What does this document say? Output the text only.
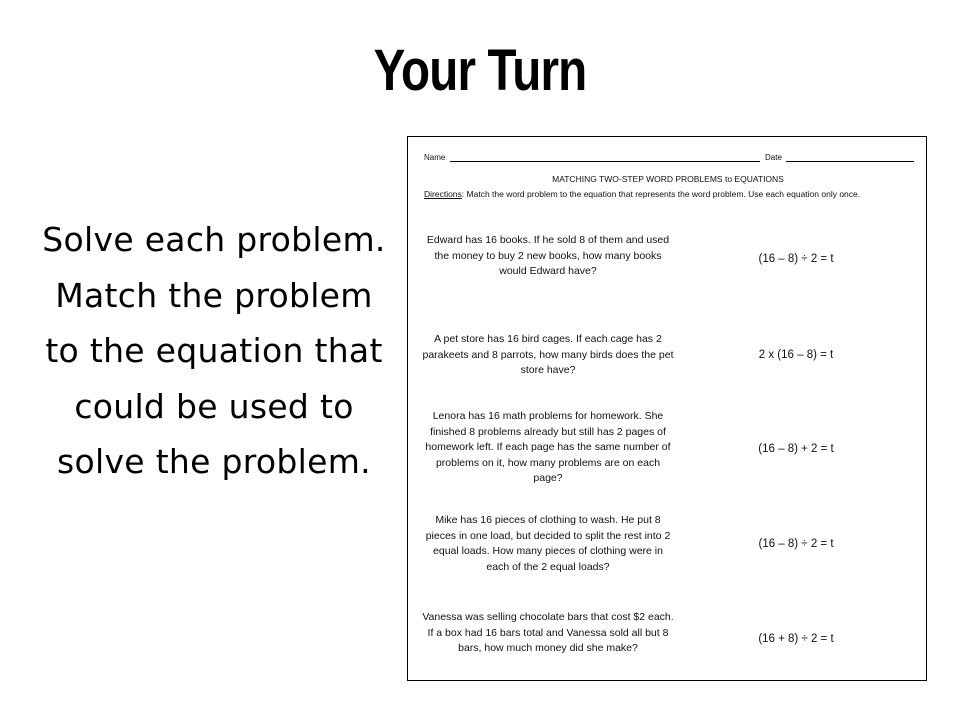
Your Turn
Solve each problem. Match the problem to the equation that could be used to solve the problem.
Name	Date
MATCHING TWO-STEP WORD PROBLEMS to EQUATIONS
Directions: Match the word problem to the equation that represents the word problem. Use each equation only once.
Edward has 16 books. If he sold 8 of them and used the money to buy 2 new books, how many books would Edward have?
(16 – 8) ÷ 2 = t
A pet store has 16 bird cages. If each cage has 2 parakeets and 8 parrots, how many birds does the pet store have?
2 x (16 – 8) = t
Lenora has 16 math problems for homework. She finished 8 problems already but still has 2 pages of homework left. If each page has the same number of problems on it, how many problems are on each page?
(16 – 8) + 2 = t
Mike has 16 pieces of clothing to wash. He put 8 pieces in one load, but decided to split the rest into 2 equal loads. How many pieces of clothing were in each of the 2 equal loads?
(16 – 8) ÷ 2 = t
Vanessa was selling chocolate bars that cost $2 each. If a box had 16 bars total and Vanessa sold all but 8 bars, how much money did she make?
(16 + 8) ÷ 2 = t
